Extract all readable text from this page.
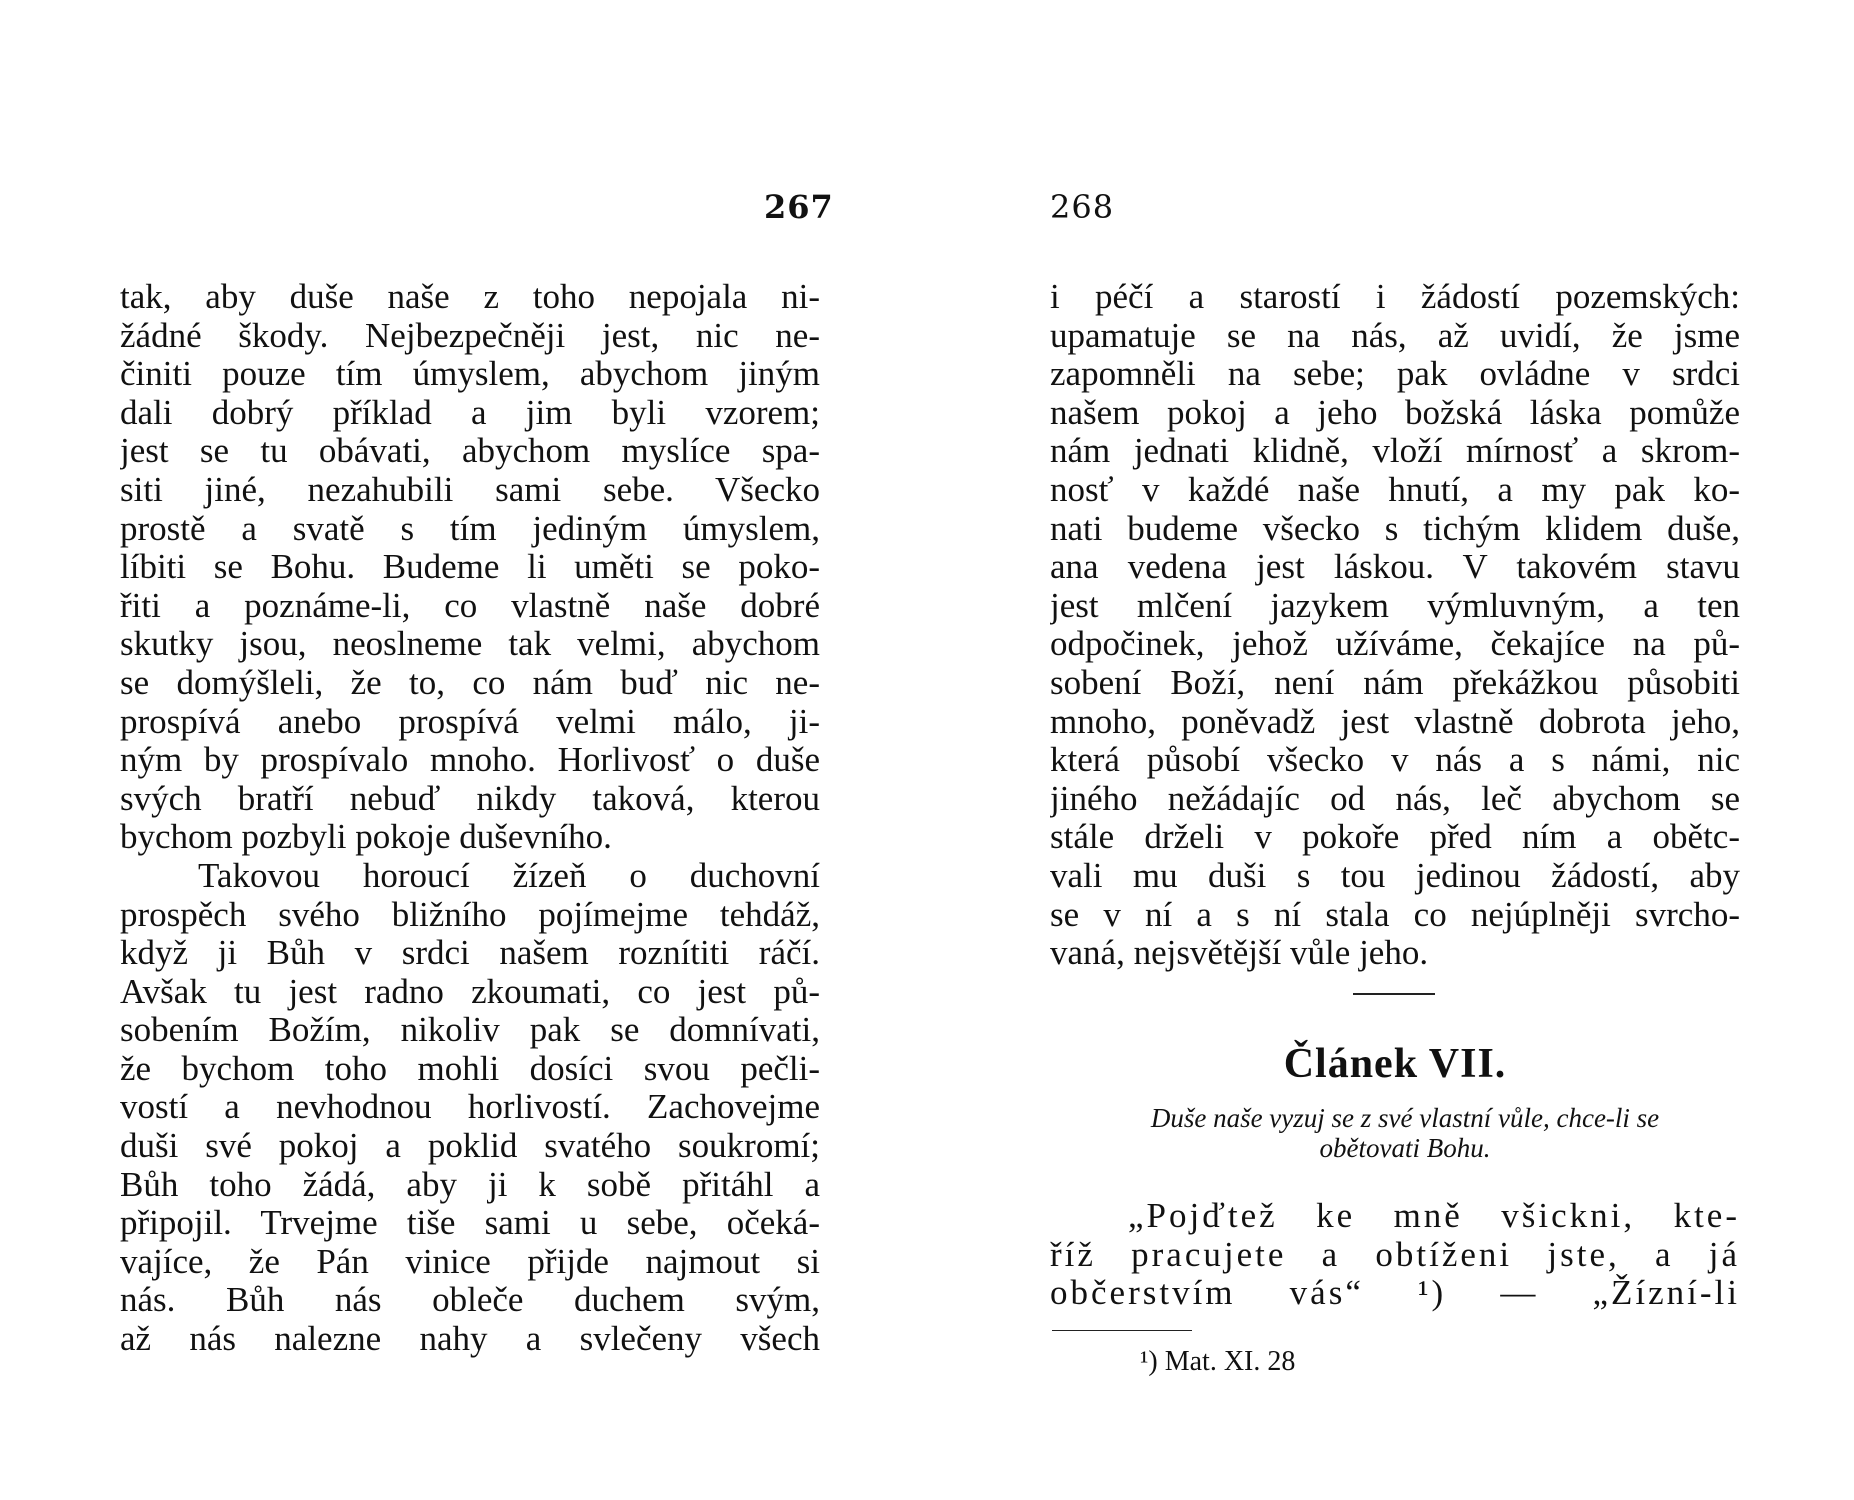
267
tak, aby duše naše z toho nepojala ni-
žádné škody. Nejbezpečněji jest, nic ne-
činiti pouze tím úmyslem, abychom jiným
dali dobrý příklad a jim byli vzorem;
jest se tu obávati, abychom myslíce spa-
siti jiné, nezahubili sami sebe. Všecko
prostě a svatě s tím jediným úmyslem,
líbiti se Bohu. Budeme li uměti se poko-
řiti a poznáme-li, co vlastně naše dobré
skutky jsou, neoslneme tak velmi, abychom
se domýšleli, že to, co nám buď nic ne-
prospívá anebo prospívá velmi málo, ji-
ným by prospívalo mnoho. Horlivosť o duše
svých bratří nebuď nikdy taková, kterou
bychom pozbyli pokoje duševního.
Takovou horoucí žízeň o duchovní
prospěch svého bližního pojímejme tehdáž,
když ji Bůh v srdci našem roznítiti ráčí.
Avšak tu jest radno zkoumati, co jest pů-
sobením Božím, nikoliv pak se domnívati,
že bychom toho mohli dosíci svou pečli-
vostí a nevhodnou horlivostí. Zachovejme
duši své pokoj a poklid svatého soukromí;
Bůh toho žádá, aby ji k sobě přitáhl a
připojil. Trvejme tiše sami u sebe, očeká-
vajíce, že Pán vinice přijde najmout si
nás. Bůh nás obleče duchem svým,
až nás nalezne nahy a svlečeny všech
268
i péčí a starostí i žádostí pozemských:
upamatuje se na nás, až uvidí, že jsme
zapomněli na sebe; pak ovládne v srdci
našem pokoj a jeho božská láska pomůže
nám jednati klidně, vloží mírnosť a skrom-
nosť v každé naše hnutí, a my pak ko-
nati budeme všecko s tichým klidem duše,
ana vedena jest láskou. V takovém stavu
jest mlčení jazykem výmluvným, a ten
odpočinek, jehož užíváme, čekajíce na pů-
sobení Boží, není nám překážkou působiti
mnoho, poněvadž jest vlastně dobrota jeho,
která působí všecko v nás a s námi, nic
jiného nežádajíc od nás, leč abychom se
stále drželi v pokoře před ním a obětc-
vali mu duši s tou jedinou žádostí, aby
se v ní a s ní stala co nejúplněji svrcho-
vaná, nejsvětější vůle jeho.
Článek VII.
Duše naše vyzuj se z své vlastní vůle, chce-li se
obětovati Bohu.
„Pojďtež ke mně všickni, kte-
říž pracujete a obtíženi jste, a já
občerstvím vás“ ¹) — „Žízní-li
¹) Mat. XI. 28
